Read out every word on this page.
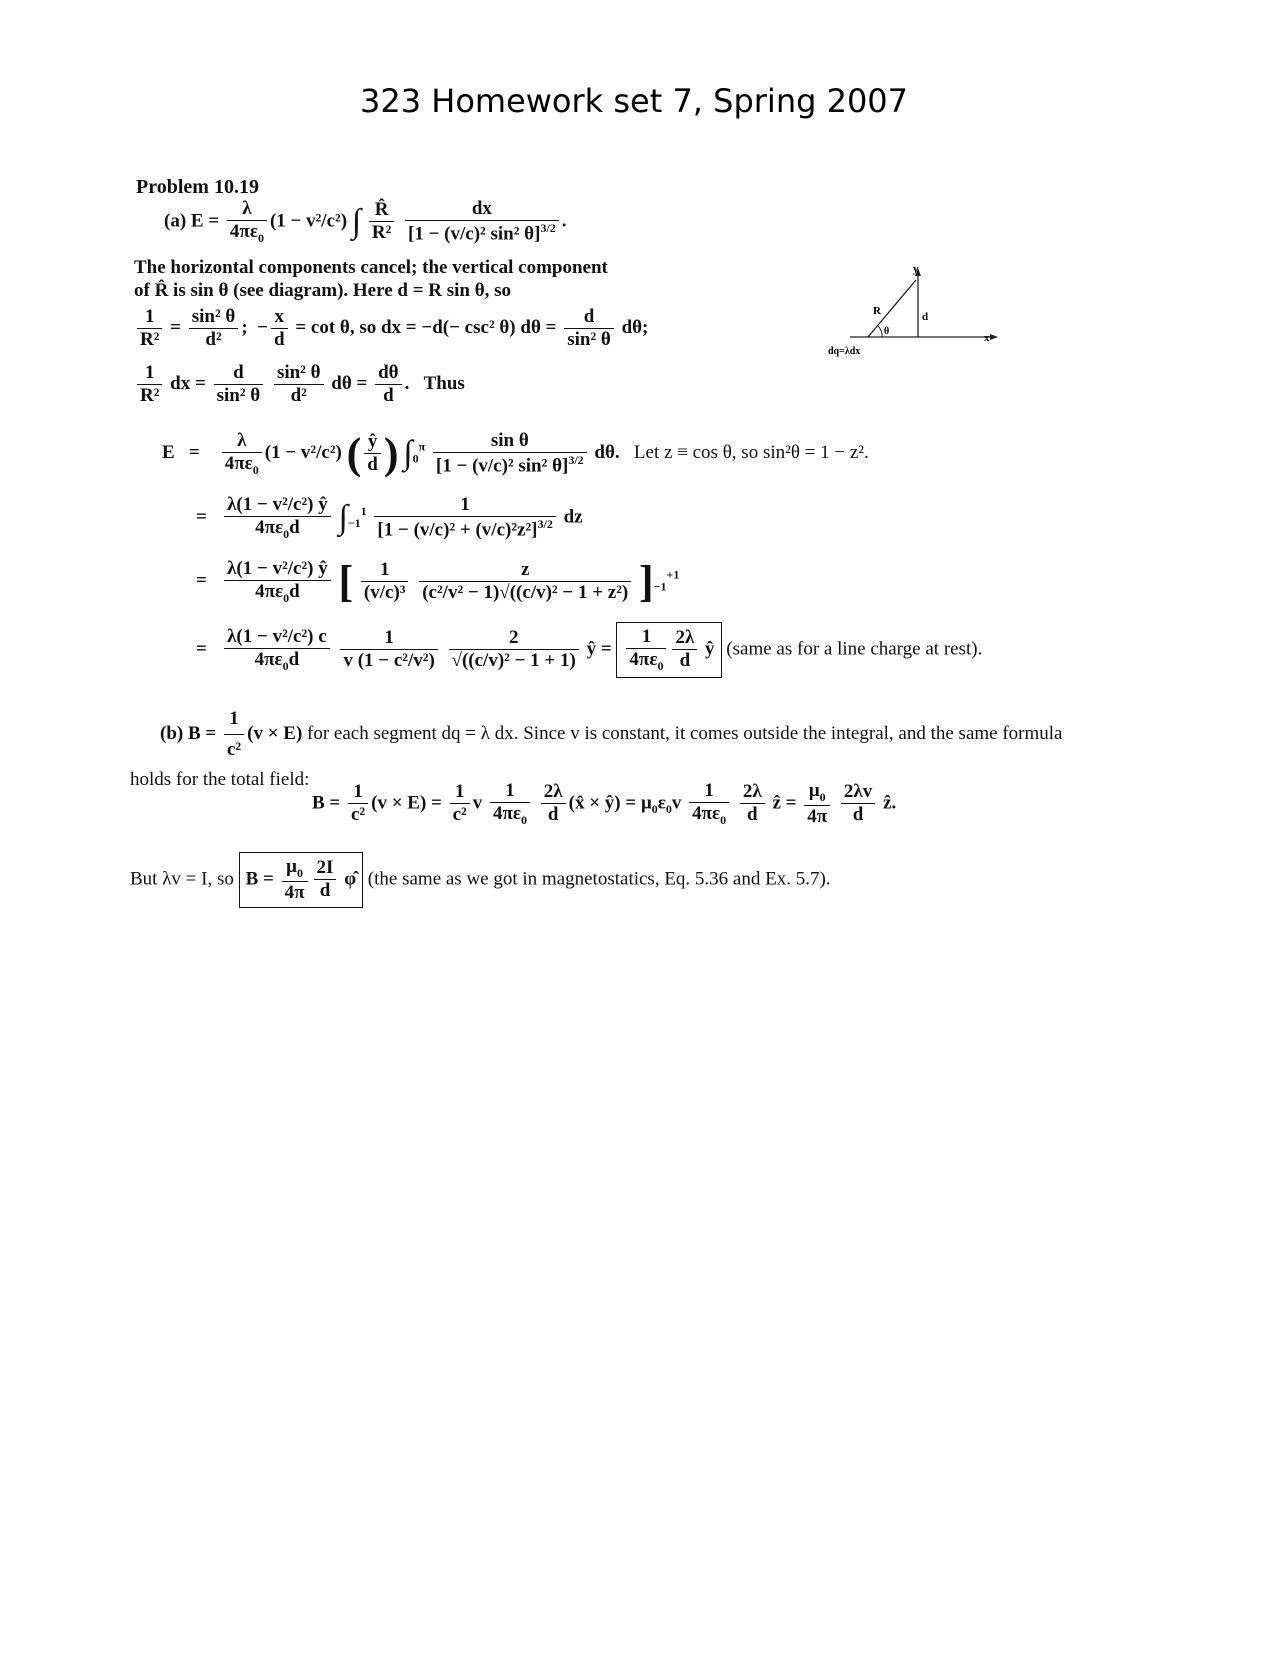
323 Homework set 7, Spring 2007
Problem 10.19
(a) $E = \frac{\lambda}{4\pi\varepsilon_0} (1 - v^2/c^2)$ ∫ $\frac{R̂}{\text{R²}}$
$\frac{dx}{[1 - (v/c)^2 \sin^2 \theta]^{3/2}}$ .
The horizontal components cancel; the vertical component of R̂ is sin θ (see diagram). Here d = R sin θ, so
$\frac{1}{\text{R²}} = \frac{\text{sin² θ}}{\text{d²}}$ ;  − $\frac{x}{d} = \cot \theta$, so dx = −d(− csc² θ) $d\theta = \frac{d}{\text{sin² θ}} d\theta$;
$\frac{1}{\text{R²}}$ dx = $\frac{d}{\text{sin² θ}}$
$\frac{\text{sin² θ}}{\text{d²}}$ $d\theta = \frac{d\theta}{d}$ .   Thus
y
x
R
θ
d
dq=λdx
$E = \frac{\lambda}{4\pi\varepsilon_0} (1 - v^2/c^2)$ ( $\frac{ŷ}{d}$ ) $\int_0^\pi \frac{\text{sin θ}}{[1 - (v/c)^2 \sin^2 \theta]^{3/2}} d\theta$.   Let z ≡ cos θ, so sin²θ = 1 − z².
= $\frac{\text{λ(1 − v²/c²) ŷ}}{4\pi\varepsilon_0d} \int_{-1}^1 \frac{1}{[1 - (v/c)^2 + (v/c)^2z^2]^{3/2}}$ dz
= $\frac{\text{λ(1 − v²/c²) ŷ}}{4\pi\varepsilon_0d}$ [ $\frac{1}{\text{(v/c)³}}$
$\frac{z}{\text{(c²/v² − 1)√((c/v)² − 1 + z²)}} ]_{-1}^{+1}$
= $\frac{\text{λ(1 − v²/c²) c}}{4\pi\varepsilon_0d}$
$\frac{1}{\text{v (1 − c²/v²)}}$
$\frac{2}{\text{√((c/v)² − 1 + 1)}}$ ŷ = $\frac{1}{4\pi\varepsilon_0} \frac{2\lambda}{d}$ ŷ (same as for a line charge at rest).
(b) $B = \frac{1}{\text{c²}} (v \times E)$ for each segment dq = λ dx. Since v is constant, it comes outside the integral, and the same formula holds for the total field:
$B = \frac{1}{\text{c²}} (v \times E) = \frac{1}{\text{c²}}$ v $\frac{1}{4\pi\varepsilon_0}$
$\frac{2\lambda}{d}$ (x̂ × ŷ) = $\mu_0\varepsilon_0v \frac{1}{4\pi\varepsilon_0}$
$\frac{2\lambda}{d}$ ẑ = $\frac{\mu_0}{4\pi}$
$\frac{2\lambda v}{d}$ ẑ.
But λv = I, so $B = \frac{\mu_0}{4\pi} \frac{2I}{d}$ φ̂ (the same as we got in magnetostatics, Eq. 5.36 and Ex. 5.7).
